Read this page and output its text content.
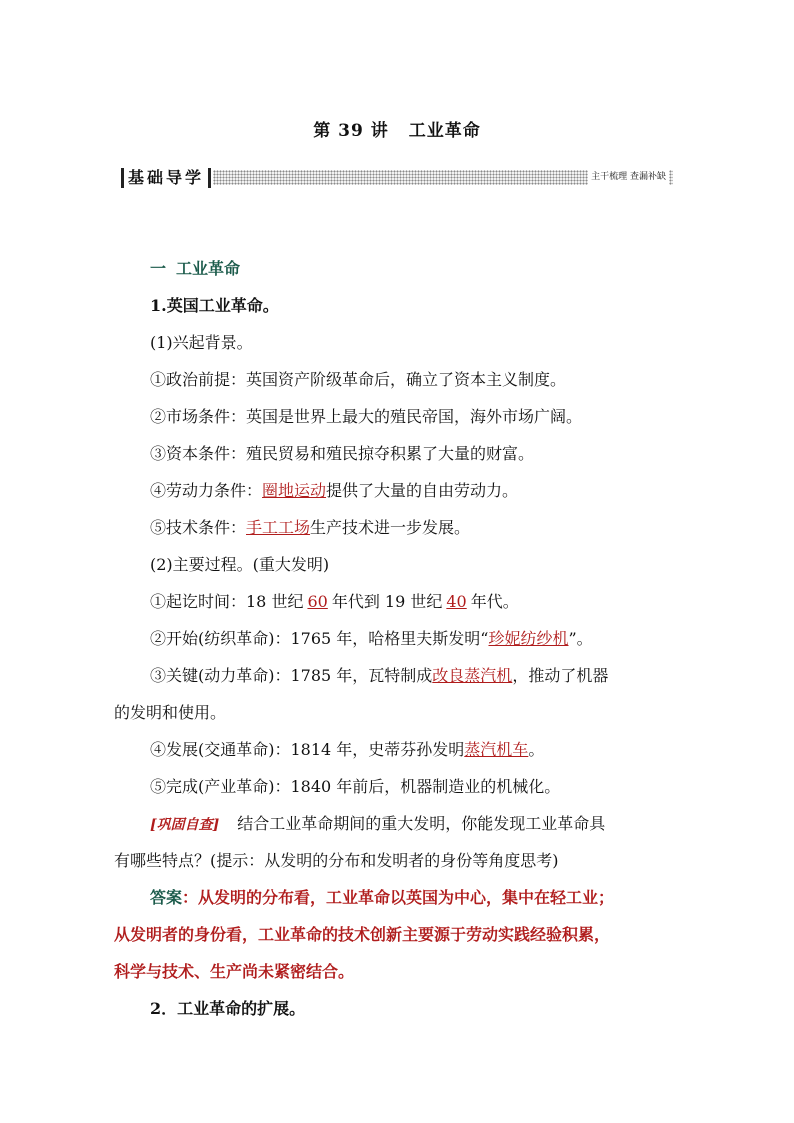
第 39 讲 工业革命
基础导学	主干梳理 查漏补缺
一 工业革命
1.英国工业革命。
(1)兴起背景。
①政治前提：英国资产阶级革命后，确立了资本主义制度。
②市场条件：英国是世界上最大的殖民帝国，海外市场广阔。
③资本条件：殖民贸易和殖民掠夺积累了大量的财富。
④劳动力条件：圈地运动提供了大量的自由劳动力。
⑤技术条件：手工工场生产技术进一步发展。
(2)主要过程。(重大发明)
①起讫时间：18 世纪 60 年代到 19 世纪 40 年代。
②开始(纺织革命)：1765 年，哈格里夫斯发明“珍妮纺纱机”。
③关键(动力革命)：1785 年，瓦特制成改良蒸汽机，推动了机器
的发明和使用。
④发展(交通革命)：1814 年，史蒂芬孙发明蒸汽机车。
⑤完成(产业革命)：1840 年前后，机器制造业的机械化。
[巩固自查] 结合工业革命期间的重大发明，你能发现工业革命具
有哪些特点？(提示：从发明的分布和发明者的身份等角度思考)
答案：从发明的分布看，工业革命以英国为中心，集中在轻工业；
从发明者的身份看，工业革命的技术创新主要源于劳动实践经验积累，
科学与技术、生产尚未紧密结合。
2．工业革命的扩展。
